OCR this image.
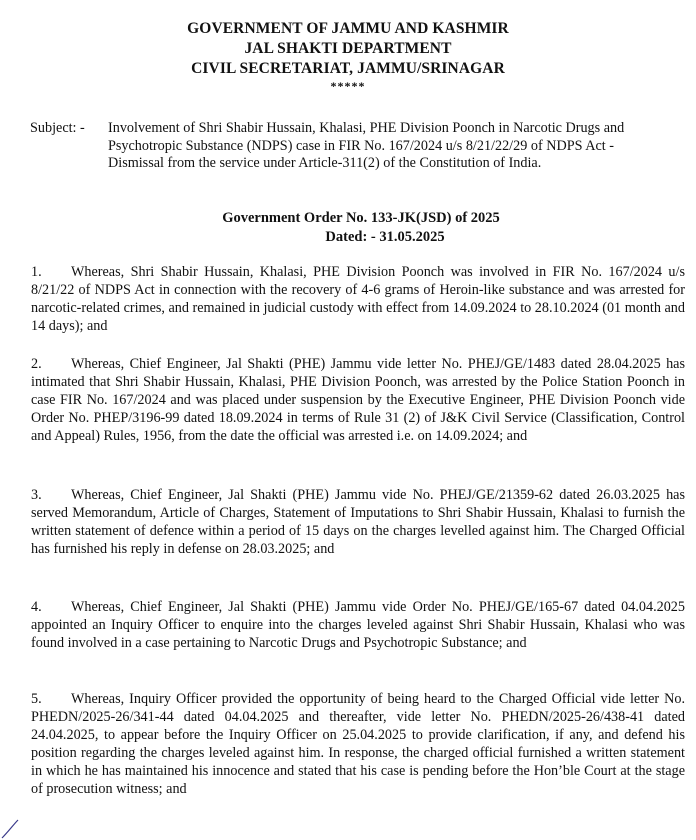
GOVERNMENT OF JAMMU AND KASHMIR
JAL SHAKTI DEPARTMENT
CIVIL SECRETARIAT, JAMMU/SRINAGAR
*****
Subject: - Involvement of Shri Shabir Hussain, Khalasi, PHE Division Poonch in Narcotic Drugs and Psychotropic Substance (NDPS) case in FIR No. 167/2024 u/s 8/21/22/29 of NDPS Act - Dismissal from the service under Article-311(2) of the Constitution of India.
Government Order No. 133-JK(JSD) of 2025
Dated: - 31.05.2025
1. Whereas, Shri Shabir Hussain, Khalasi, PHE Division Poonch was involved in FIR No. 167/2024 u/s 8/21/22 of NDPS Act in connection with the recovery of 4-6 grams of Heroin-like substance and was arrested for narcotic-related crimes, and remained in judicial custody with effect from 14.09.2024 to 28.10.2024 (01 month and 14 days); and
2. Whereas, Chief Engineer, Jal Shakti (PHE) Jammu vide letter No. PHEJ/GE/1483 dated 28.04.2025 has intimated that Shri Shabir Hussain, Khalasi, PHE Division Poonch, was arrested by the Police Station Poonch in case FIR No. 167/2024 and was placed under suspension by the Executive Engineer, PHE Division Poonch vide Order No. PHEP/3196-99 dated 18.09.2024 in terms of Rule 31 (2) of J&K Civil Service (Classification, Control and Appeal) Rules, 1956, from the date the official was arrested i.e. on 14.09.2024; and
3. Whereas, Chief Engineer, Jal Shakti (PHE) Jammu vide No. PHEJ/GE/21359-62 dated 26.03.2025 has served Memorandum, Article of Charges, Statement of Imputations to Shri Shabir Hussain, Khalasi to furnish the written statement of defence within a period of 15 days on the charges levelled against him. The Charged Official has furnished his reply in defense on 28.03.2025; and
4. Whereas, Chief Engineer, Jal Shakti (PHE) Jammu vide Order No. PHEJ/GE/165-67 dated 04.04.2025 appointed an Inquiry Officer to enquire into the charges leveled against Shri Shabir Hussain, Khalasi who was found involved in a case pertaining to Narcotic Drugs and Psychotropic Substance; and
5. Whereas, Inquiry Officer provided the opportunity of being heard to the Charged Official vide letter No. PHEDN/2025-26/341-44 dated 04.04.2025 and thereafter, vide letter No. PHEDN/2025-26/438-41 dated 24.04.2025, to appear before the Inquiry Officer on 25.04.2025 to provide clarification, if any, and defend his position regarding the charges leveled against him. In response, the charged official furnished a written statement in which he has maintained his innocence and stated that his case is pending before the Hon’ble Court at the stage of prosecution witness; and
